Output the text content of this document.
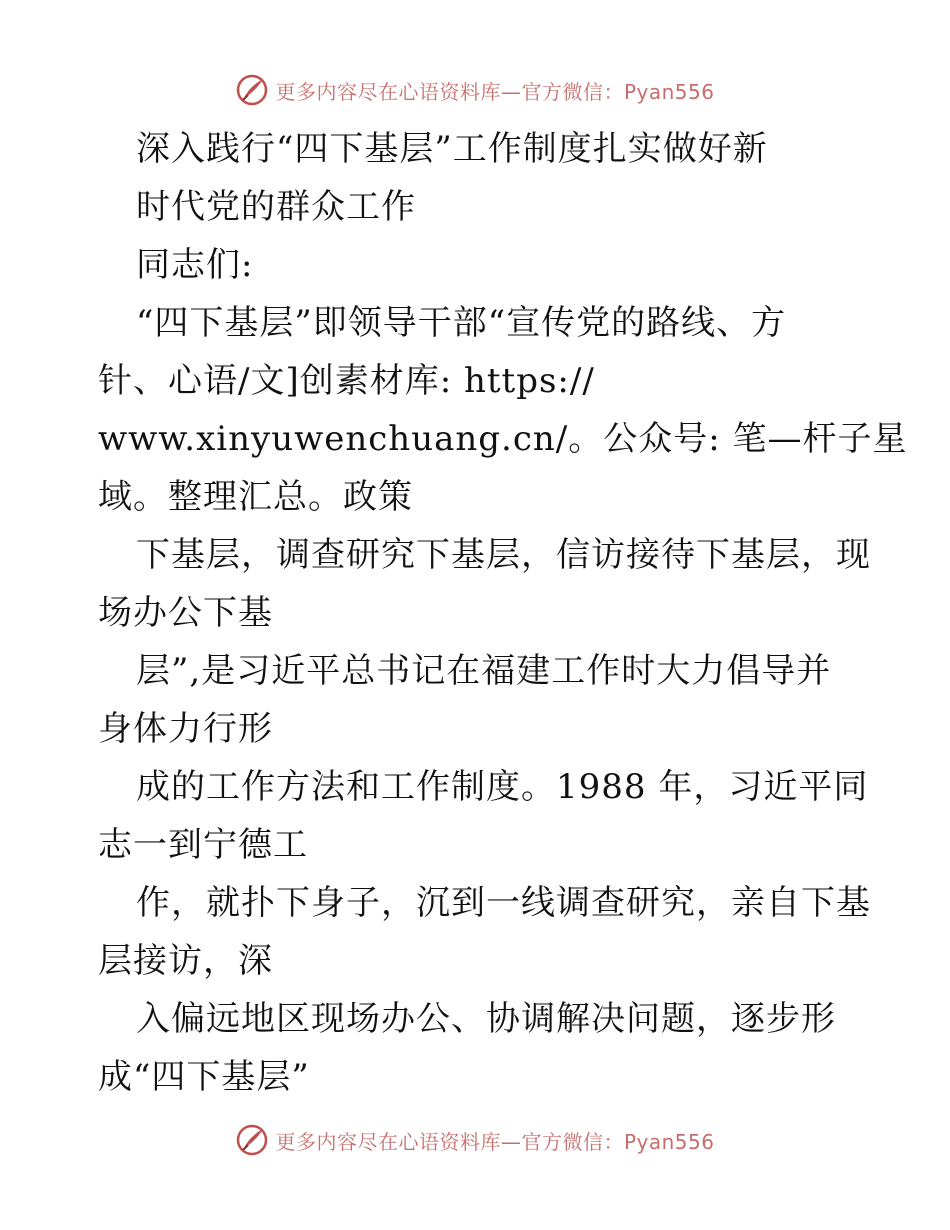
更多内容尽在心语资料库—官方微信：Pyan556
深入践行“四下基层”工作制度扎实做好新
时代党的群众工作
同志们:
“四下基层”即领导干部“宣传党的路线、方
针、心语/文]创素材库: https://
www.xinyuwenchuang.cn/。公众号: 笔—杆子星
域。整理汇总。政策
下基层，调查研究下基层，信访接待下基层，现
场办公下基
层”,是习近平总书记在福建工作时大力倡导并
身体力行形
成的工作方法和工作制度。1988 年，习近平同
志一到宁德工
作，就扑下身子，沉到一线调查研究，亲自下基
层接访，深
入偏远地区现场办公、协调解决问题，逐步形
成“四下基层”
更多内容尽在心语资料库—官方微信：Pyan556
